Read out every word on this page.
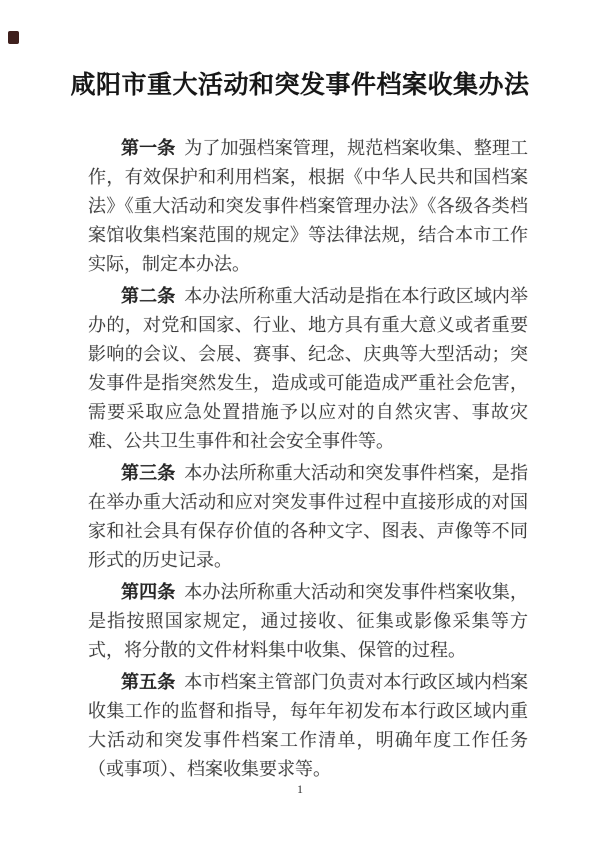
咸阳市重大活动和突发事件档案收集办法

第一条 为了加强档案管理，规范档案收集、整理工作，有效保护和利用档案，根据《中华人民共和国档案法》《重大活动和突发事件档案管理办法》《各级各类档案馆收集档案范围的规定》等法律法规，结合本市工作实际，制定本办法。

第二条 本办法所称重大活动是指在本行政区域内举办的，对党和国家、行业、地方具有重大意义或者重要影响的会议、会展、赛事、纪念、庆典等大型活动；突发事件是指突然发生，造成或可能造成严重社会危害，需要采取应急处置措施予以应对的自然灾害、事故灾难、公共卫生事件和社会安全事件等。

第三条 本办法所称重大活动和突发事件档案，是指在举办重大活动和应对突发事件过程中直接形成的对国家和社会具有保存价值的各种文字、图表、声像等不同形式的历史记录。

第四条 本办法所称重大活动和突发事件档案收集，是指按照国家规定，通过接收、征集或影像采集等方式，将分散的文件材料集中收集、保管的过程。

第五条 本市档案主管部门负责对本行政区域内档案收集工作的监督和指导，每年年初发布本行政区域内重大活动和突发事件档案工作清单，明确年度工作任务（或事项）、档案收集要求等。

1
